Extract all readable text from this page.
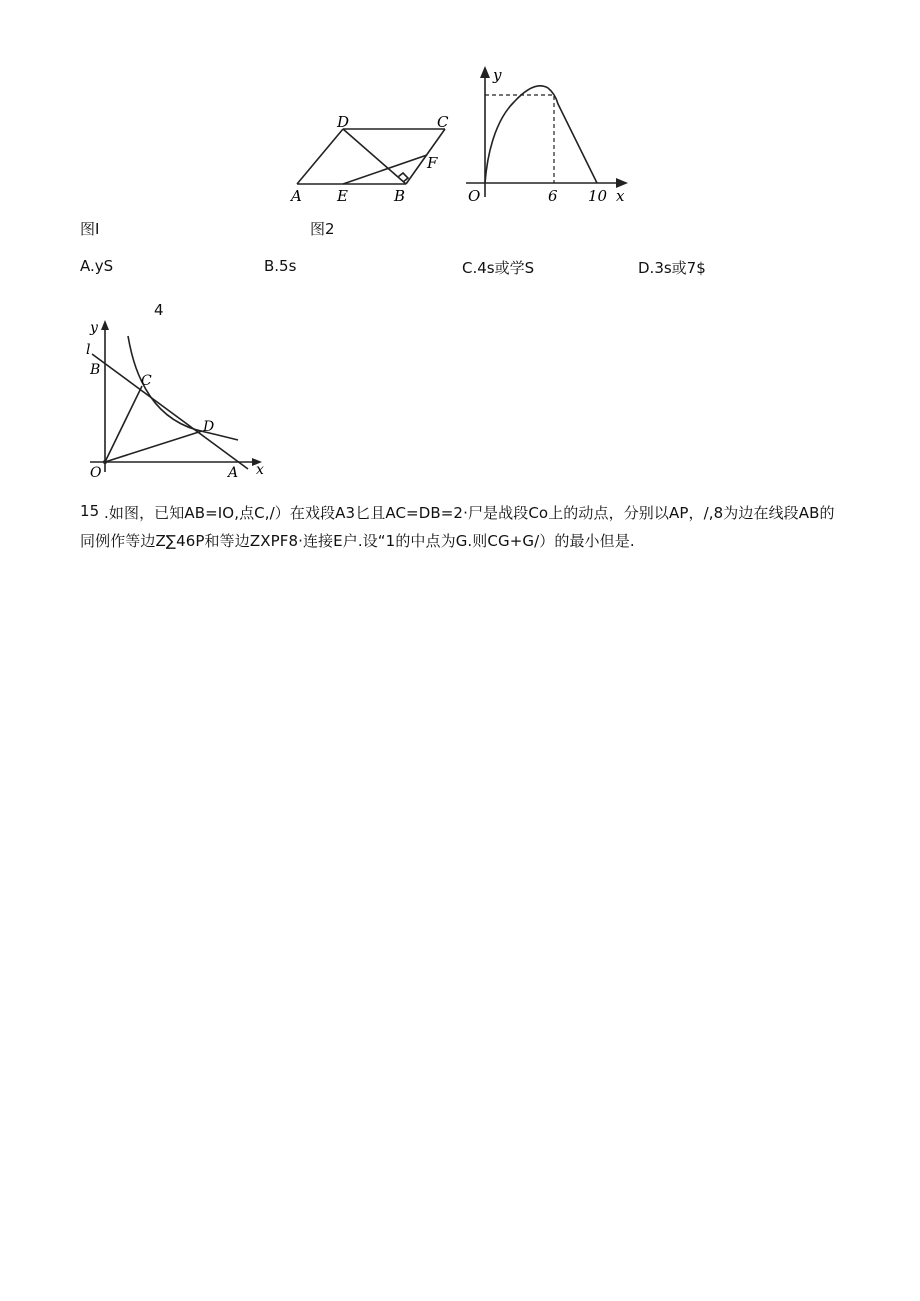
A E	B
D	C
F
y
O	6 10 x
图I	图2
A.yS	B.5s	C.4s或学S	D.3s或7$
4
y
l
B
C
D
O	A x
15 .如图，已知AB=IO,点C,/）在戏段A3匕且AC=DB=2·尸是战段Co上的动点，分别以AP，/,8为边在线段AB的
同例作等边Z∑46P和等边ZXPF8·连接E户.设“1的中点为G.则CG+G/）的最小但是.
